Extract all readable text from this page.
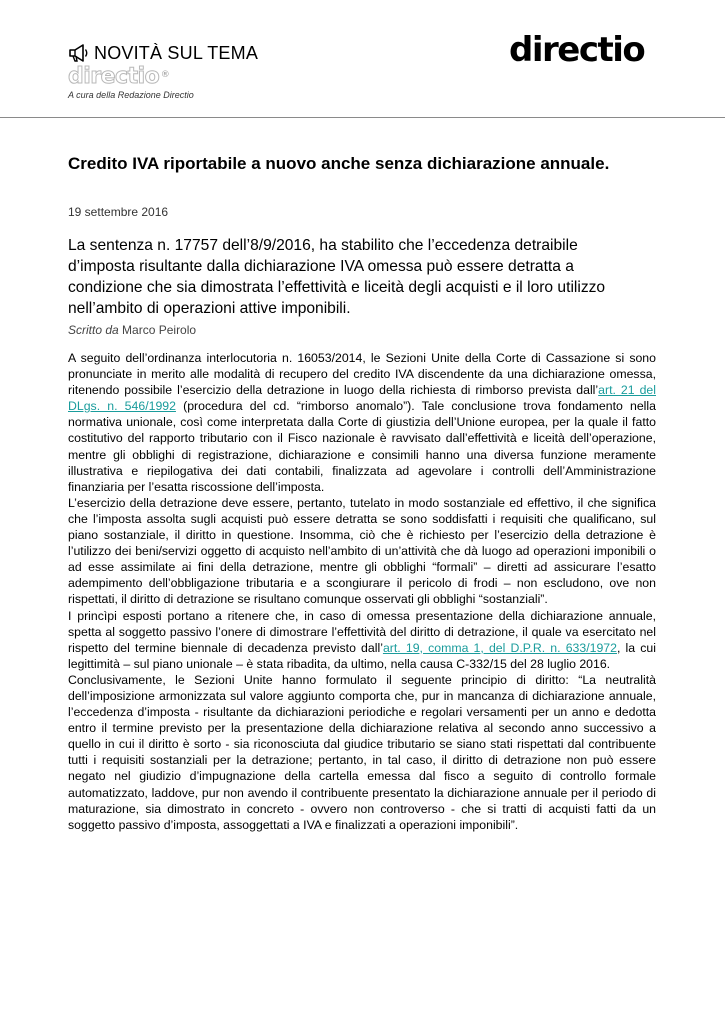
NOVITÀ SUL TEMA
directio ®
A cura della Redazione Directio
directio
Credito IVA riportabile a nuovo anche senza dichiarazione annuale.
19 settembre 2016
La sentenza n. 17757 dell’8/9/2016, ha stabilito che l’eccedenza detraibile d’imposta risultante dalla dichiarazione IVA omessa può essere detratta a condizione che sia dimostrata l’effettività e liceità degli acquisti e il loro utilizzo nell’ambito di operazioni attive imponibili.
Scritto da Marco Peirolo

A seguito dell’ordinanza interlocutoria n. 16053/2014, le Sezioni Unite della Corte di Cassazione si sono pronunciate in merito alle modalità di recupero del credito IVA discendente da una dichiarazione omessa, ritenendo possibile l’esercizio della detrazione in luogo della richiesta di rimborso prevista dall’art. 21 del DLgs. n. 546/1992 (procedura del cd. “rimborso anomalo”). Tale conclusione trova fondamento nella normativa unionale, così come interpretata dalla Corte di giustizia dell’Unione europea, per la quale il fatto costitutivo del rapporto tributario con il Fisco nazionale è ravvisato dall’effettività e liceità dell’operazione, mentre gli obblighi di registrazione, dichiarazione e consimili hanno una diversa funzione meramente illustrativa e riepilogativa dei dati contabili, finalizzata ad agevolare i controlli dell’Amministrazione finanziaria per l’esatta riscossione dell’imposta.

L’esercizio della detrazione deve essere, pertanto, tutelato in modo sostanziale ed effettivo, il che significa che l’imposta assolta sugli acquisti può essere detratta se sono soddisfatti i requisiti che qualificano, sul piano sostanziale, il diritto in questione. Insomma, ciò che è richiesto per l’esercizio della detrazione è l’utilizzo dei beni/servizi oggetto di acquisto nell’ambito di un’attività che dà luogo ad operazioni imponibili o ad esse assimilate ai fini della detrazione, mentre gli obblighi “formali” – diretti ad assicurare l’esatto adempimento dell’obbligazione tributaria e a scongiurare il pericolo di frodi – non escludono, ove non rispettati, il diritto di detrazione se risultano comunque osservati gli obblighi “sostanziali”.

I princìpi esposti portano a ritenere che, in caso di omessa presentazione della dichiarazione annuale, spetta al soggetto passivo l’onere di dimostrare l’effettività del diritto di detrazione, il quale va esercitato nel rispetto del termine biennale di decadenza previsto dall’art. 19, comma 1, del D.P.R. n. 633/1972, la cui legittimità – sul piano unionale – è stata ribadita, da ultimo, nella causa C-332/15 del 28 luglio 2016.

Conclusivamente, le Sezioni Unite hanno formulato il seguente principio di diritto: “La neutralità dell’imposizione armonizzata sul valore aggiunto comporta che, pur in mancanza di dichiarazione annuale, l’eccedenza d’imposta - risultante da dichiarazioni periodiche e regolari versamenti per un anno e dedotta entro il termine previsto per la presentazione della dichiarazione relativa al secondo anno successivo a quello in cui il diritto è sorto - sia riconosciuta dal giudice tributario se siano stati rispettati dal contribuente tutti i requisiti sostanziali per la detrazione; pertanto, in tal caso, il diritto di detrazione non può essere negato nel giudizio d’impugnazione della cartella emessa dal fisco a seguito di controllo formale automatizzato, laddove, pur non avendo il contribuente presentato la dichiarazione annuale per il periodo di maturazione, sia dimostrato in concreto - ovvero non controverso - che si tratti di acquisti fatti da un soggetto passivo d’imposta, assoggettati a IVA e finalizzati a operazioni imponibili”.
